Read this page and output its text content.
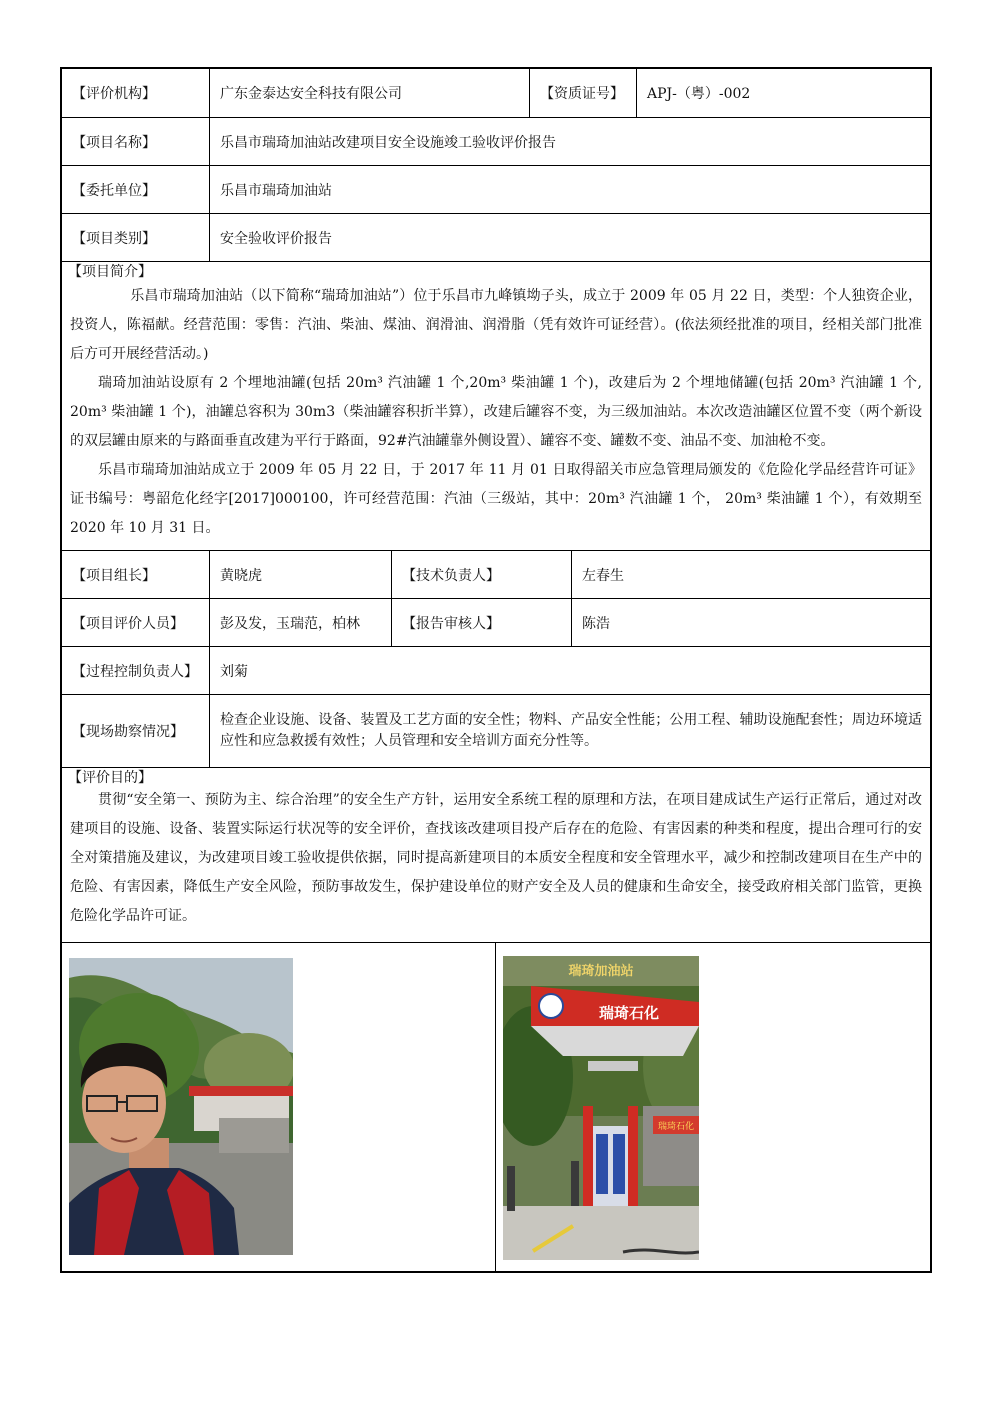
【评价机构】	广东金泰达安全科技有限公司	【资质证号】 APJ-（粤）-002
【项目名称】	乐昌市瑞琦加油站改建项目安全设施竣工验收评价报告
【委托单位】	乐昌市瑞琦加油站
【项目类别】	安全验收评价报告
【项目简介】

乐昌市瑞琦加油站（以下简称“瑞琦加油站”）位于乐昌市九峰镇坳子头，成立于 2009 年 05 月 22 日，类型：个人独资企业，投资人，陈福献。经营范围：零售：汽油、柴油、煤油、润滑油、润滑脂（凭有效许可证经营）。(依法须经批准的项目，经相关部门批准后方可开展经营活动。)

瑞琦加油站设原有 2 个埋地油罐(包括 20m³ 汽油罐 1 个,20m³ 柴油罐 1 个)，改建后为 2 个埋地储罐(包括 20m³ 汽油罐 1 个, 20m³ 柴油罐 1 个)，油罐总容积为 30m3（柴油罐容积折半算），改建后罐容不变，为三级加油站。本次改造油罐区位置不变（两个新设的双层罐由原来的与路面垂直改建为平行于路面，92#汽油罐靠外侧设置）、罐容不变、罐数不变、油品不变、加油枪不变。

乐昌市瑞琦加油站成立于 2009 年 05 月 22 日，于 2017 年 11 月 01 日取得韶关市应急管理局颁发的《危险化学品经营许可证》证书编号：粤韶危化经字[2017]000100，许可经营范围：汽油（三级站，其中：20m³ 汽油罐 1 个， 20m³ 柴油罐 1 个），有效期至 2020 年 10 月 31 日。

【项目组长】	黄晓虎	【技术负责人】	左春生
【项目评价人员】	彭及发，玉瑞范，柏林	【报告审核人】	陈浩
【过程控制负责人】 刘菊
【现场勘察情况】
检查企业设施、设备、装置及工艺方面的安全性；物料、产品安全性能；公用工程、辅助设施配套性；周边环境适应性和应急救援有效性；人员管理和安全培训方面充分性等。
【评价目的】

贯彻“安全第一、预防为主、综合治理”的安全生产方针，运用安全系统工程的原理和方法，在项目建成试生产运行正常后，通过对改建项目的设施、设备、装置实际运行状况等的安全评价，查找该改建项目投产后存在的危险、有害因素的种类和程度，提出合理可行的安全对策措施及建议，为改建项目竣工验收提供依据，同时提高新建项目的本质安全程度和安全管理水平，减少和控制改建项目在生产中的危险、有害因素，降低生产安全风险，预防事故发生，保护建设单位的财产安全及人员的健康和生命安全，接受政府相关部门监管，更换危险化学品许可证。

瑞琦加油站
瑞琦石化
瑞琦石化
